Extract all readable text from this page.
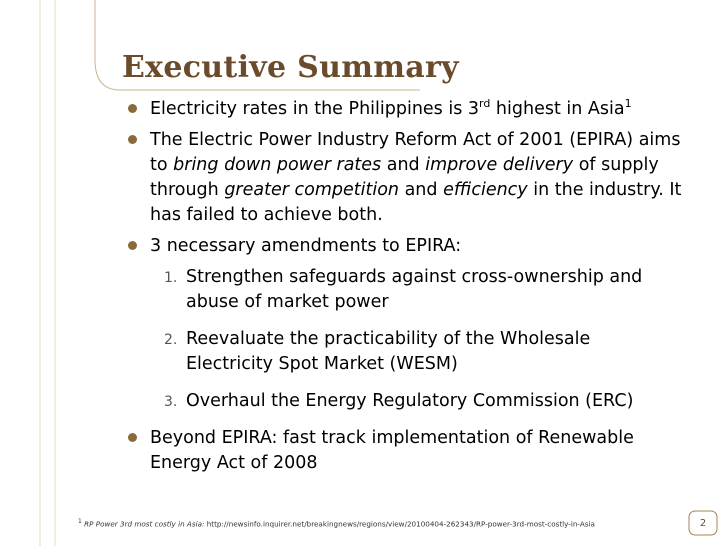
Executive Summary
Electricity rates in the Philippines is 3rd highest in Asia$^1$
The Electric Power Industry Reform Act of 2001 (EPIRA) aims to bring down power rates and improve delivery of supply through greater competition and efficiency in the industry. It has failed to achieve both.
3 necessary amendments to EPIRA:
1. Strengthen safeguards against cross-ownership and abuse of market power
2. Reevaluate the practicability of the Wholesale Electricity Spot Market (WESM)
3. Overhaul the Energy Regulatory Commission (ERC)
Beyond EPIRA: fast track implementation of Renewable Energy Act of 2008
$^1$ RP Power 3rd most costly in Asia: http://newsinfo.inquirer.net/breakingnews/regions/view/20100404-262343/RP-power-3rd-most-costly-in-Asia	2
